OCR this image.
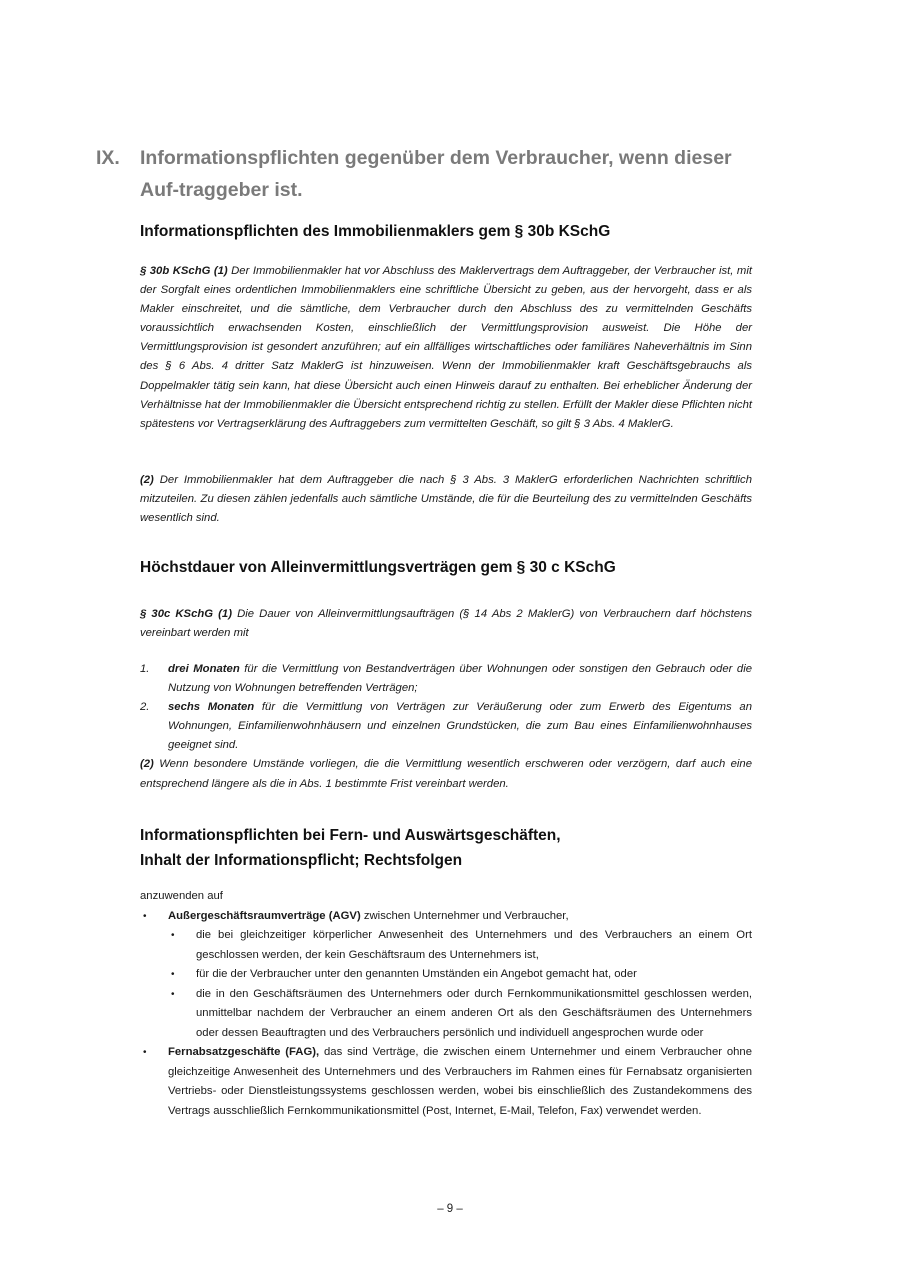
IX. Informationspflichten gegenüber dem Verbraucher, wenn dieser Auf-traggeber ist.
Informationspflichten des Immobilienmaklers gem § 30b KSchG
§ 30b KSchG (1) Der Immobilienmakler hat vor Abschluss des Maklervertrags dem Auftraggeber, der Verbraucher ist, mit der Sorgfalt eines ordentlichen Immobilienmaklers eine schriftliche Übersicht zu geben, aus der hervorgeht, dass er als Makler einschreitet, und die sämtliche, dem Verbraucher durch den Abschluss des zu vermittelnden Geschäfts voraussichtlich erwachsenden Kosten, einschließlich der Vermittlungsprovision ausweist. Die Höhe der Vermittlungsprovision ist gesondert anzuführen; auf ein allfälliges wirtschaftliches oder familiäres Naheverhältnis im Sinn des § 6 Abs. 4 dritter Satz MaklerG ist hinzuweisen. Wenn der Immobilienmakler kraft Geschäftsgebrauchs als Doppelmakler tätig sein kann, hat diese Übersicht auch einen Hinweis darauf zu enthalten. Bei erheblicher Änderung der Verhältnisse hat der Immobilienmakler die Übersicht entsprechend richtig zu stellen. Erfüllt der Makler diese Pflichten nicht spätestens vor Vertragserklärung des Auftraggebers zum vermittelten Geschäft, so gilt § 3 Abs. 4 MaklerG.
(2) Der Immobilienmakler hat dem Auftraggeber die nach § 3 Abs. 3 MaklerG erforderlichen Nachrichten schriftlich mitzuteilen. Zu diesen zählen jedenfalls auch sämtliche Umstände, die für die Beurteilung des zu vermittelnden Geschäfts wesentlich sind.
Höchstdauer von Alleinvermittlungsverträgen gem § 30 c KSchG
§ 30c KSchG (1) Die Dauer von Alleinvermittlungsaufträgen (§ 14 Abs 2 MaklerG) von Verbrauchern darf höchstens vereinbart werden mit
1. drei Monaten für die Vermittlung von Bestandverträgen über Wohnungen oder sonstigen den Gebrauch oder die Nutzung von Wohnungen betreffenden Verträgen;
2. sechs Monaten für die Vermittlung von Verträgen zur Veräußerung oder zum Erwerb des Eigentums an Wohnungen, Einfamilienwohnhäusern und einzelnen Grundstücken, die zum Bau eines Einfamilienwohnhauses geeignet sind.
(2) Wenn besondere Umstände vorliegen, die die Vermittlung wesentlich erschweren oder verzögern, darf auch eine entsprechend längere als die in Abs. 1 bestimmte Frist vereinbart werden.
Informationspflichten bei Fern- und Auswärtsgeschäften,
Inhalt der Informationspflicht; Rechtsfolgen
anzuwenden auf
• Außergeschäftsraumverträge (AGV) zwischen Unternehmer und Verbraucher,
• die bei gleichzeitiger körperlicher Anwesenheit des Unternehmers und des Verbrauchers an einem Ort geschlossen werden, der kein Geschäftsraum des Unternehmers ist,
• für die der Verbraucher unter den genannten Umständen ein Angebot gemacht hat, oder
• die in den Geschäftsräumen des Unternehmers oder durch Fernkommunikationsmittel geschlossen werden, unmittelbar nachdem der Verbraucher an einem anderen Ort als den Geschäftsräumen des Unternehmers oder dessen Beauftragten und des Verbrauchers persönlich und individuell angesprochen wurde oder
• Fernabsatzgeschäfte (FAG), das sind Verträge, die zwischen einem Unternehmer und einem Verbraucher ohne gleichzeitige Anwesenheit des Unternehmers und des Verbrauchers im Rahmen eines für Fernabsatz organisierten Vertriebs- oder Dienstleistungssystems geschlossen werden, wobei bis einschließlich des Zustandekommens des Vertrags ausschließlich Fernkommunikationsmittel (Post, Internet, E-Mail, Telefon, Fax) verwendet werden.
– 9 –
